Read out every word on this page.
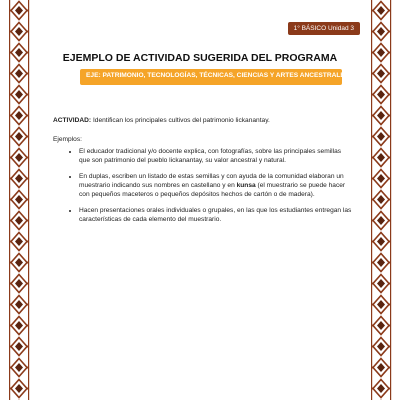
1° BÁSICO Unidad 3
EJEMPLO DE ACTIVIDAD SUGERIDA DEL PROGRAMA
EJE: PATRIMONIO, TECNOLOGÍAS, TÉCNICAS, CIENCIAS Y ARTES ANCESTRALES.

ACTIVIDAD: Identifican los principales cultivos del patrimonio lickanantay.

Ejemplos:

• El educador tradicional y/o docente explica, con fotografías, sobre las principales semillas que son patrimonio del pueblo lickanantay, su valor ancestral y natural.
• En duplas, escriben un listado de estas semillas y con ayuda de la comunidad elaboran un muestrario indicando sus nombres en castellano y en kunsa (el muestrario se puede hacer con pequeños maceteros o pequeños depósitos hechos de cartón o de madera).
• Hacen presentaciones orales individuales o grupales, en las que los estudiantes entregan las características de cada elemento del muestrario.
